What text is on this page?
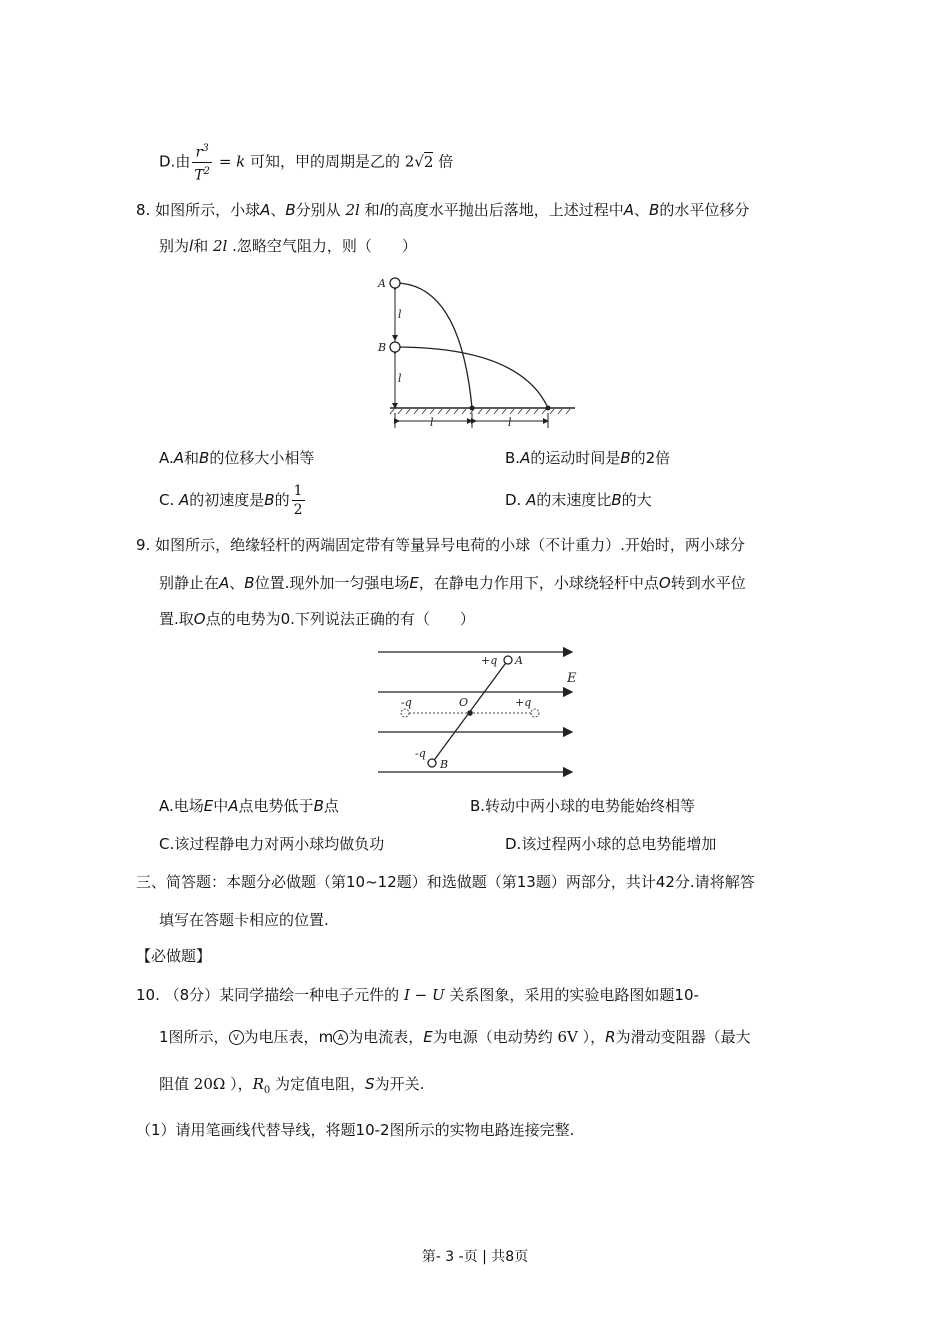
D.由 $\frac{r^3}{T^2} = k$ 可知，甲的周期是乙的 2√2 倍
8. 如图所示，小球A、B分别从 2l 和l的高度水平抛出后落地，上述过程中A、B的水平位移分
别为l和 2l .忽略空气阻力，则（　　）
A
B
l
l
l	l
A.A和B的位移大小相等	B.A的运动时间是B的2倍
C. A的初速度是B的 $\frac{1}{2}$	D. A的末速度比B的大
9. 如图所示，绝缘轻杆的两端固定带有等量异号电荷的小球（不计重力）.开始时，两小球分
别静止在A、B位置.现外加一匀强电场E，在静电力作用下，小球绕轻杆中点O转到水平位
置.取O点的电势为0.下列说法正确的有（　　）
+q A
E
-q	O	+q
-q
B
A.电场E中A点电势低于B点	B.转动中两小球的电势能始终相等
C.该过程静电力对两小球均做负功	D.该过程两小球的总电势能增加
三、简答题：本题分必做题（第10~12题）和选做题（第13题）两部分，共计42分.请将解答
填写在答题卡相应的位置.
【必做题】
10. （8分）某同学描绘一种电子元件的 I − U 关系图象，采用的实验电路图如题10-
1图所示， V 为电压表，m A 为电流表，E为电源（电动势约 6V ），R为滑动变阻器（最大
阻值 20Ω ），$R_0$ 为定值电阻，S为开关.
（1）请用笔画线代替导线，将题10-2图所示的实物电路连接完整.
第- 3 -页 | 共8页
